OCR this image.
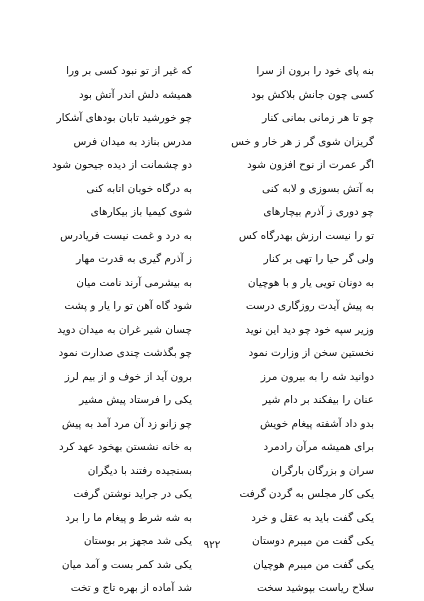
بنه پای خود را برون از سرا
کسی چون جانش بلاکش بود
چو تا هر زمانی بمانی کنار
گریزان شوی گر ز هر خار و خس
اگر عمرت از نوح افزون شود
به آتش بسوزی و لابه کنی
چو دوری ز آذرم بیچارهای
تو را نیست ارزش بهدرگاه کس
ولی گر حیا را تهی بر کنار
به دونان تویی یار و با هوچیان
به پیش آیدت روزگاری درست
وزیر سپه خود چو دید این نوید
نخستین سخن از وزارت نمود
دوانید شه را به بیرون مرز
عنان را بیفکند بر دام شیر
بدو داد آشفته پیغام خویش
برای همیشه مرآن رادمرد
سران و بزرگان بارگران
یکی کار مجلس به گردن گرفت
یکی گفت باید به عقل و خرد
یکی گفت من میبرم دوستان
یکی گفت من میبرم هوچیان
سلاح ریاست بپوشید سخت
که غیر از تو نبود کسی بر ورا
همیشه دلش اندر آتش بود
چو خورشید تابان بودهای آشکار
مدرس بنازد به میدان فرس
دو چشمانت از دیده جیحون شود
به درگاه خوبان اتابه کنی
شوی کیمیا باز بیکارهای
به درد و غمت نیست فریادرس
ز آذرم گیری به قدرت مهار
به بیشرمی آرند نامت میان
شود گاه آهن تو را یار و پشت
چسان شیر غران به میدان دوید
چو بگذشت چندی صدارت نمود
برون آید از خوف و از بیم لرز
یکی را فرستاد پیش مشیر
چو زانو زد آن مرد آمد به پیش
به خانه نشستن بهخود عهد کرد
بسنجیده رفتند با دیگران
یکی در جراید نوشتن گرفت
به شه شرط و پیغام ما را برد
یکی شد مجهز بر بوستان
یکی شد کمر بست و آمد میان
شد آماده از بهره تاج و تخت
۹۲۲
